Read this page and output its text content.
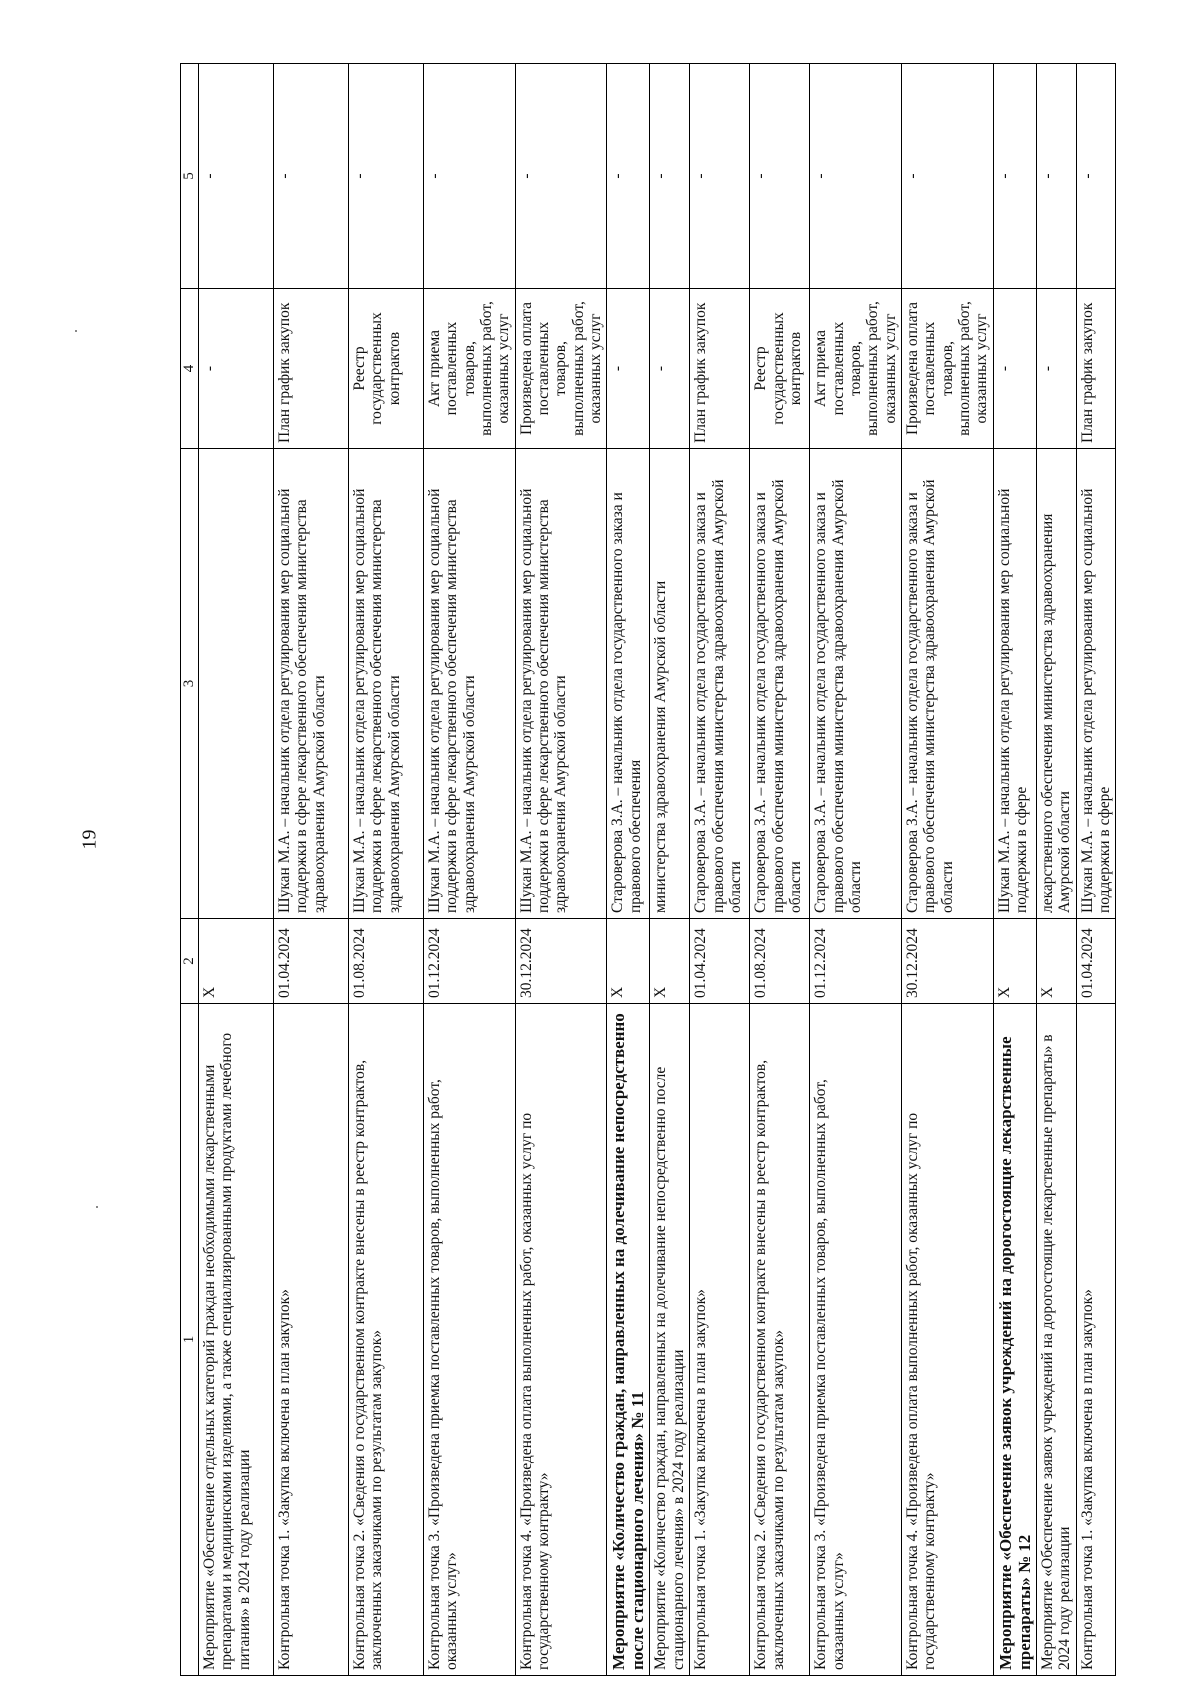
19
1	2	3	4	5
Мероприятие «Обеспечение отдельных категорий граждан необходимыми лекарственными препаратами и медицинскими изделиями, а также специализированными продуктами лечебного питания» в 2024 году реализации	X		-	-
Контрольная точка 1. «Закупка включена в план закупок»	01.04.2024	Шукан М.А. – начальник отдела регулирования мер социальной поддержки в сфере лекарственного обеспечения министерства здравоохранения Амурской области	План график закупок	-
Контрольная точка 2. «Сведения о государственном контракте внесены в реестр контрактов, заключенных заказчиками по результатам закупок»	01.08.2024	Шукан М.А. – начальник отдела регулирования мер социальной поддержки в сфере лекарственного обеспечения министерства здравоохранения Амурской области	Реестр государственных контрактов	-
Контрольная точка 3. «Произведена приемка поставленных товаров, выполненных работ, оказанных услуг»	01.12.2024	Шукан М.А. – начальник отдела регулирования мер социальной поддержки в сфере лекарственного обеспечения министерства здравоохранения Амурской области	Акт приема поставленных товаров, выполненных работ, оказанных услуг	-
Контрольная точка 4. «Произведена оплата выполненных работ, оказанных услуг по государственному контракту»	30.12.2024	Шукан М.А. – начальник отдела регулирования мер социальной поддержки в сфере лекарственного обеспечения министерства здравоохранения Амурской области	Произведена оплата поставленных товаров, выполненных работ, оказанных услуг	-
Мероприятие «Количество граждан, направленных на долечивание непосредственно после стационарного лечения» № 11	X	Старoверова З.А. – начальник отдела государственного заказа и правового обеспечения	-	-
Мероприятие «Количество граждан, направленных на долечивание непосредственно после стационарного лечения» в 2024 году реализации	X	министерства здравоохранения Амурской области	-	-
Контрольная точка 1. «Закупка включена в план закупок»	01.04.2024	Староверова З.А. – начальник отдела государственного заказа и правового обеспечения министерства здравоохранения Амурской области	План график закупок	-
Контрольная точка 2. «Сведения о государственном контракте внесены в реестр контрактов, заключенных заказчиками по результатам закупок»	01.08.2024	Староверова З.А. – начальник отдела государственного заказа и правового обеспечения министерства здравоохранения Амурской области	Реестр государственных контрактов	-
Контрольная точка 3. «Произведена приемка поставленных товаров, выполненных работ, оказанных услуг»	01.12.2024	Староверова З.А. – начальник отдела государственного заказа и правового обеспечения министерства здравоохранения Амурской области	Акт приема поставленных товаров, выполненных работ, оказанных услуг	-
Контрольная точка 4. «Произведена оплата выполненных работ, оказанных услуг по государственному контракту»	30.12.2024	Староверова З.А. – начальник отдела государственного заказа и правового обеспечения министерства здравоохранения Амурской области	Произведена оплата поставленных товаров, выполненных работ, оказанных услуг	-
Мероприятие «Обеспечение заявок учреждений на дорогостоящие лекарственные препараты» № 12	X	Шукан М.А. – начальник отдела регулирования мер социальной поддержки в сфере	-	-
Мероприятие «Обеспечение заявок учреждений на дорогостоящие лекарственные препараты» в 2024 году реализации	X	лекарственного обеспечения министерства здравоохранения Амурской области	-	-
Контрольная точка 1. «Закупка включена в план закупок»	01.04.2024	Шукан М.А. – начальник отдела регулирования мер социальной поддержки в сфере	План график закупок	-
